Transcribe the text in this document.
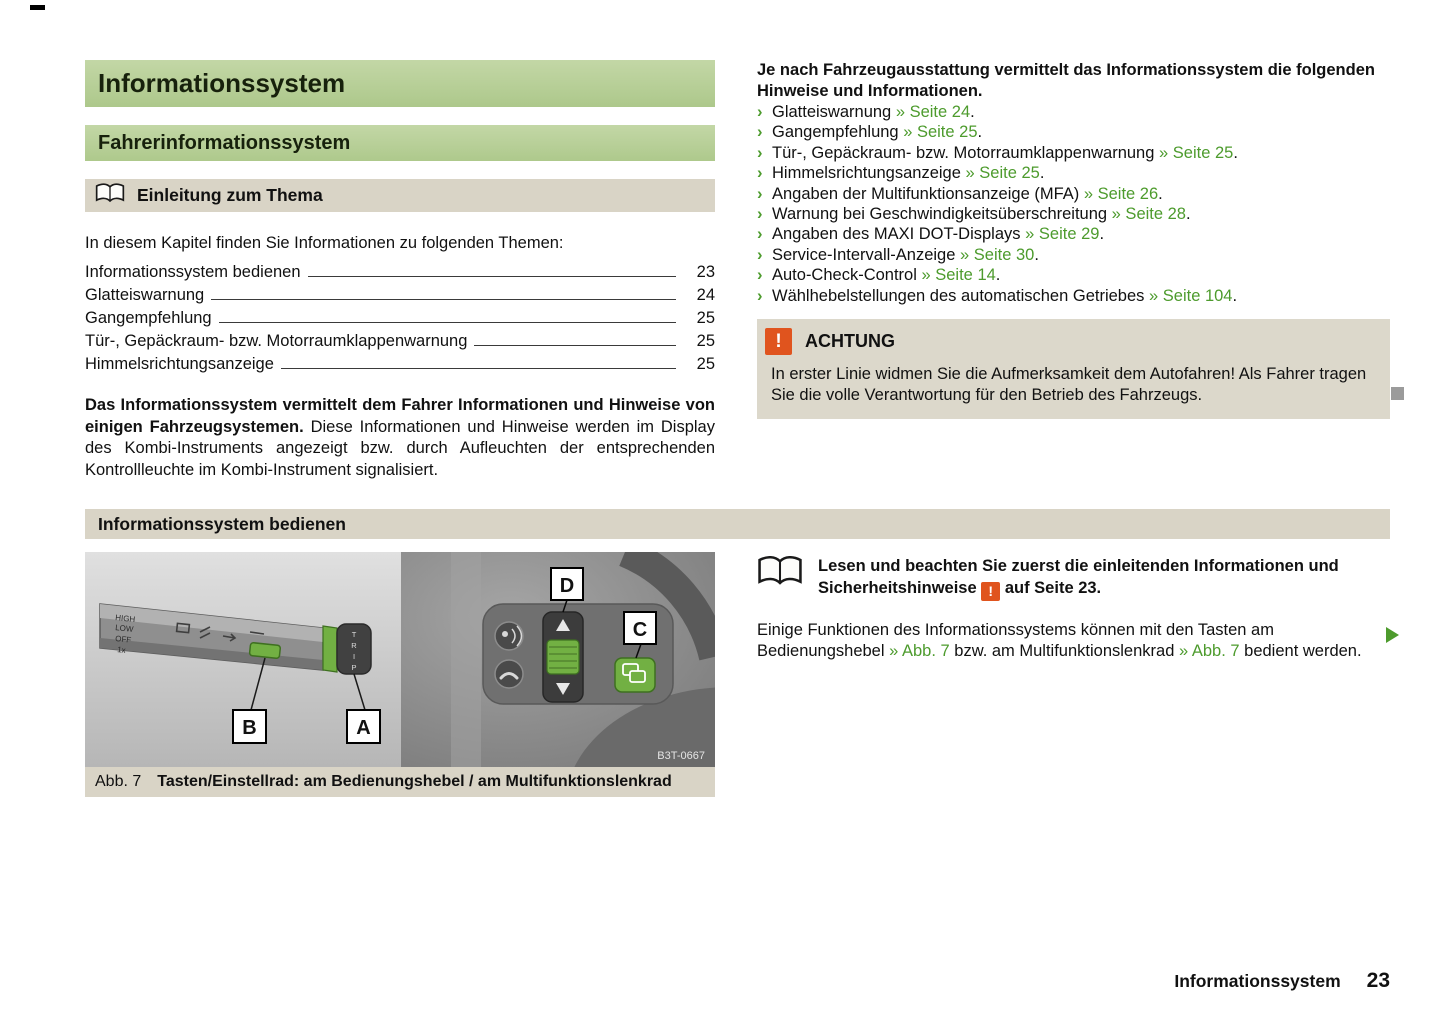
Informationssystem
Fahrerinformationssystem
Einleitung zum Thema
In diesem Kapitel finden Sie Informationen zu folgenden Themen:
Informationssystem bedienen	23
Glatteiswarnung	24
Gangempfehlung	25
Tür-, Gepäckraum- bzw. Motorraumklappenwarnung	25
Himmelsrichtungsanzeige	25

Das Informationssystem vermittelt dem Fahrer Informationen und Hinweise von einigen Fahrzeugsystemen. Diese Informationen und Hinweise werden im Display des Kombi-Instruments angezeigt bzw. durch Aufleuchten der entsprechenden Kontrollleuchte im Kombi-Instrument signalisiert.

Je nach Fahrzeugausstattung vermittelt das Informationssystem die folgenden Hinweise und Informationen.
› Glatteiswarnung » Seite 24.
› Gangempfehlung » Seite 25.
› Tür-, Gepäckraum- bzw. Motorraumklappenwarnung » Seite 25.
› Himmelsrichtungsanzeige » Seite 25.
› Angaben der Multifunktionsanzeige (MFA) » Seite 26.
› Warnung bei Geschwindigkeitsüberschreitung » Seite 28.
› Angaben des MAXI DOT-Displays » Seite 29.
› Service-Intervall-Anzeige » Seite 30.
› Auto-Check-Control » Seite 14.
› Wählhebelstellungen des automatischen Getriebes » Seite 104.
!	ACHTUNG
In erster Linie widmen Sie die Aufmerksamkeit dem Autofahren! Als Fahrer tragen Sie die volle Verantwortung für den Betrieb des Fahrzeugs.
Informationssystem bedienen
HIGH
LOW
OFF
1x
T
R
I
P
B	A
D
C
B3T-0667
Abb. 7 Tasten/Einstellrad: am Bedienungshebel / am Multifunktionslenkrad

Lesen und beachten Sie zuerst die einleitenden Informationen und Sicherheitshinweise ! auf Seite 23.

Einige Funktionen des Informationssystems können mit den Tasten am Bedienungshebel » Abb. 7 bzw. am Multifunktionslenkrad » Abb. 7 bedient werden.

Informationssystem 23
